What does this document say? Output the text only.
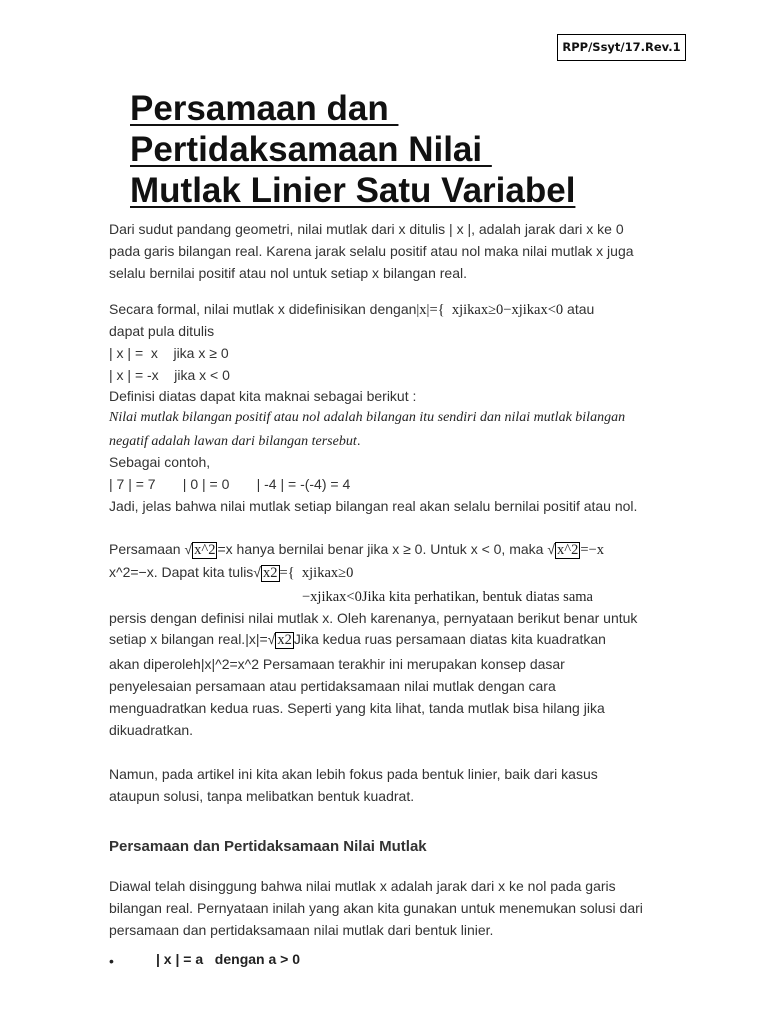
RPP/Ssyt/17.Rev.1
Persamaan dan
Pertidaksamaan Nilai
Mutlak Linier Satu Variabel
Dari sudut pandang geometri, nilai mutlak dari x ditulis | x |, adalah jarak dari x ke 0
pada garis bilangan real. Karena jarak selalu positif atau nol maka nilai mutlak x juga
selalu bernilai positif atau nol untuk setiap x bilangan real.
Secara formal, nilai mutlak x didefinisikan dengan|x|={  xjikax≥0−xjikax<0 atau
dapat pula ditulis
| x | =  x    jika x ≥ 0
| x | = -x    jika x < 0
Definisi diatas dapat kita maknai sebagai berikut :
Nilai mutlak bilangan positif atau nol adalah bilangan itu sendiri dan nilai mutlak bilangan
negatif adalah lawan dari bilangan tersebut.
Sebagai contoh,
| 7 | = 7       | 0 | = 0       | -4 | = -(-4) = 4
Jadi, jelas bahwa nilai mutlak setiap bilangan real akan selalu bernilai positif atau nol.
Persamaan √ x^2 =x hanya bernilai benar jika x ≥ 0. Untuk x < 0, maka √ x^2 =−x
x^2=−x. Dapat kita tulis√ x2 ={  xjikax≥0
−xjikax<0Jika kita perhatikan, bentuk diatas sama
persis dengan definisi nilai mutlak x. Oleh karenanya, pernyataan berikut benar untuk
setiap x bilangan real.|x|=√ x2 Jika kedua ruas persamaan diatas kita kuadratkan
akan diperoleh|x|^2=x^2 Persamaan terakhir ini merupakan konsep dasar
penyelesaian persamaan atau pertidaksamaan nilai mutlak dengan cara
menguadratkan kedua ruas. Seperti yang kita lihat, tanda mutlak bisa hilang jika
dikuadratkan.
Namun, pada artikel ini kita akan lebih fokus pada bentuk linier, baik dari kasus
ataupun solusi, tanpa melibatkan bentuk kuadrat.
Persamaan dan Pertidaksamaan Nilai Mutlak
Diawal telah disinggung bahwa nilai mutlak x adalah jarak dari x ke nol pada garis
bilangan real. Pernyataan inilah yang akan kita gunakan untuk menemukan solusi dari
persamaan dan pertidaksamaan nilai mutlak dari bentuk linier.
•	| x | = a   dengan a > 0
